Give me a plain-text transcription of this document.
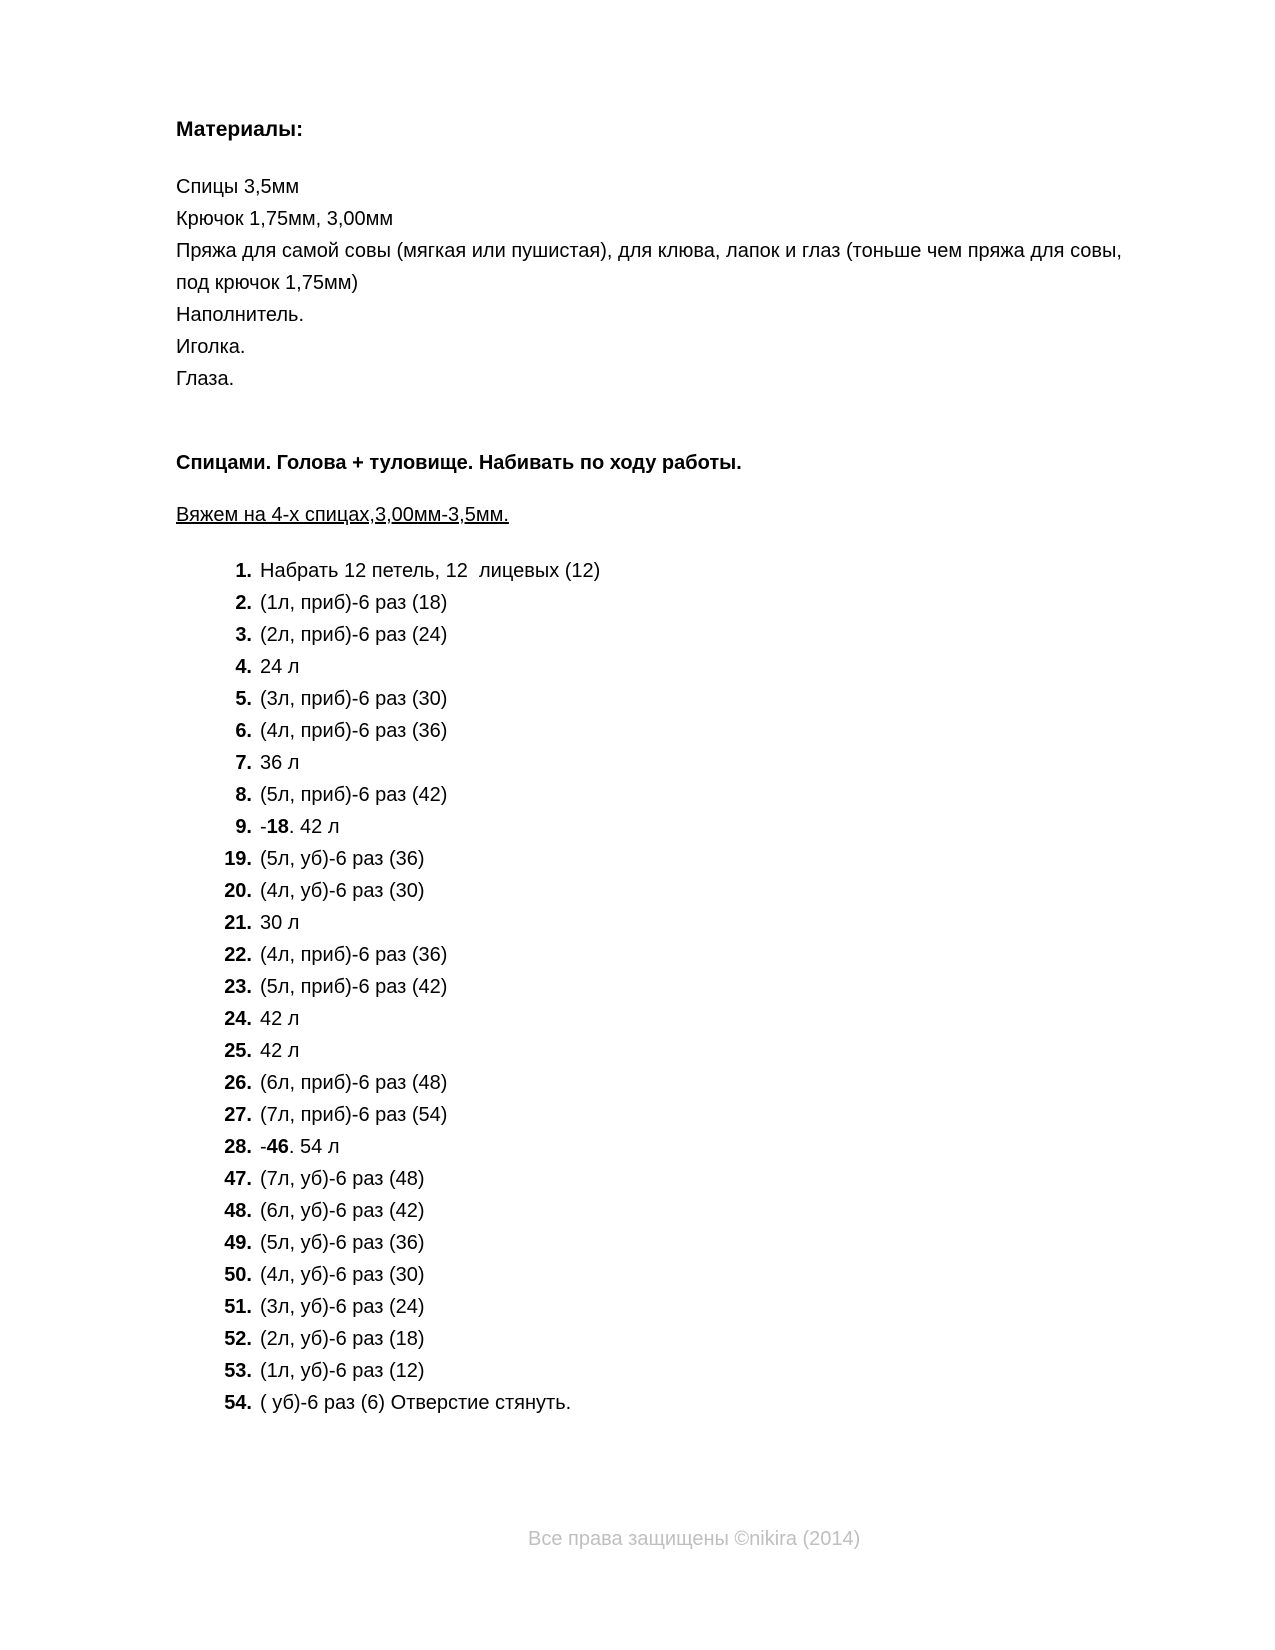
Материалы:
Спицы 3,5мм
Крючок 1,75мм, 3,00мм
Пряжа для самой совы (мягкая или пушистая), для клюва, лапок и глаз (тоньше чем пряжа для совы,
под крючок 1,75мм)
Наполнитель.
Иголка.
Глаза.
Спицами. Голова + туловище. Набивать по ходу работы.

Вяжем на 4-х спицах,3,00мм-3,5мм.

1. Набрать 12 петель, 12  лицевых (12)
2. (1л, приб)-6 раз (18)
3. (2л, приб)-6 раз (24)
4. 24 л
5. (3л, приб)-6 раз (30)
6. (4л, приб)-6 раз (36)
7. 36 л
8. (5л, приб)-6 раз (42)
9. -18. 42 л
19. (5л, уб)-6 раз (36)
20. (4л, уб)-6 раз (30)
21. 30 л
22. (4л, приб)-6 раз (36)
23. (5л, приб)-6 раз (42)
24. 42 л
25. 42 л
26. (6л, приб)-6 раз (48)
27. (7л, приб)-6 раз (54)
28. -46. 54 л
47. (7л, уб)-6 раз (48)
48. (6л, уб)-6 раз (42)
49. (5л, уб)-6 раз (36)
50. (4л, уб)-6 раз (30)
51. (3л, уб)-6 раз (24)
52. (2л, уб)-6 раз (18)
53. (1л, уб)-6 раз (12)
54. ( уб)-6 раз (6) Отверстие стянуть.

Все права защищены ©nikira (2014)
